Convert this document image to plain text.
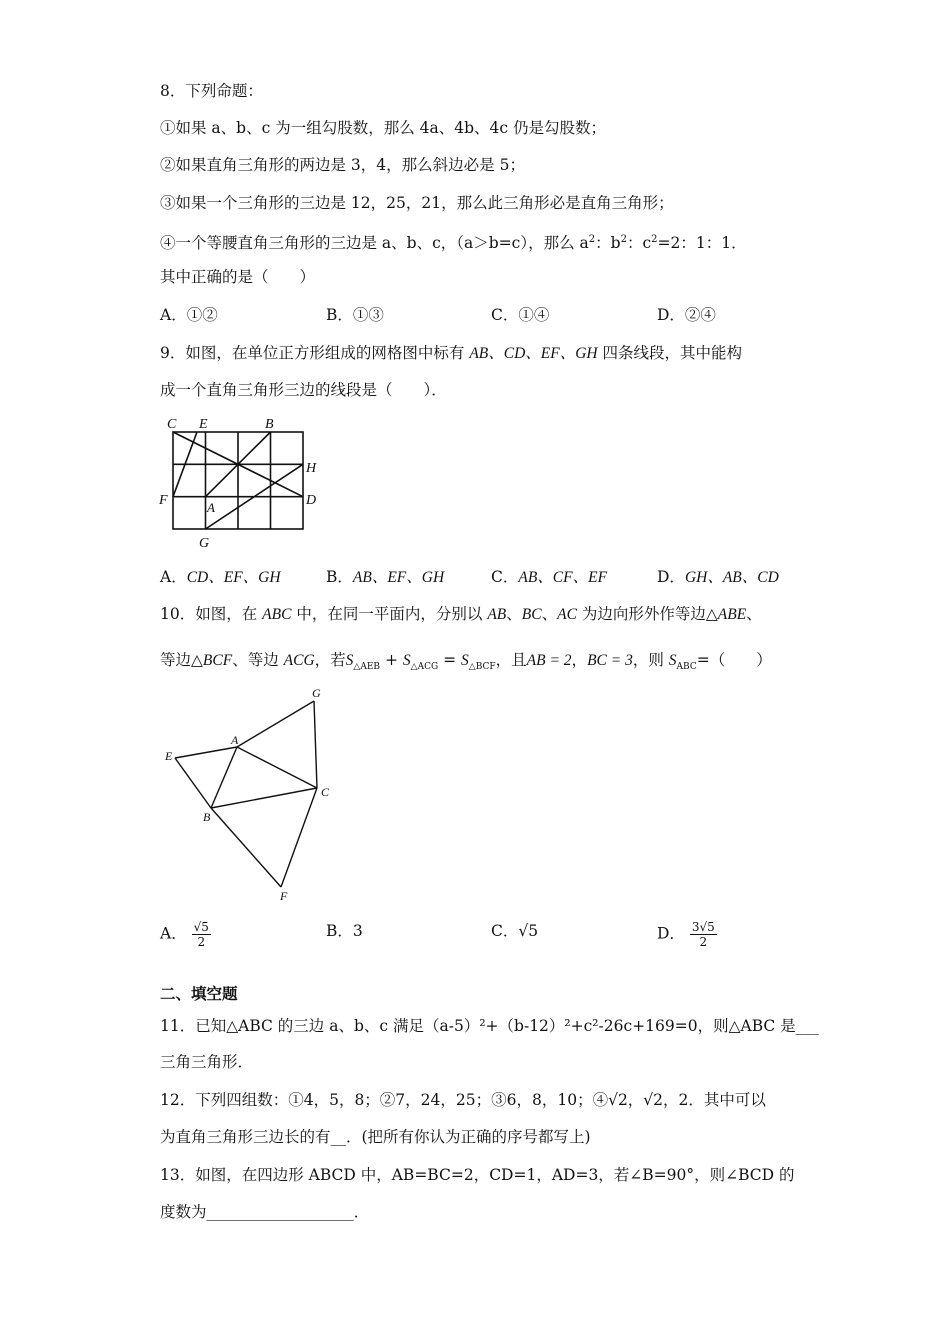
8．下列命题：
①如果 a、b、c 为一组勾股数，那么 4a、4b、4c 仍是勾股数；
②如果直角三角形的两边是 3，4，那么斜边必是 5；
③如果一个三角形的三边是 12，25，21，那么此三角形必是直角三角形；
④一个等腰直角三角形的三边是 a、b、c，（a＞b=c），那么 $a^2$：$b^2$：$c^2=2$：1：1．
其中正确的是（　　）
A．①②	B．①③	C．①④	D．②④
9．如图，在单位正方形组成的网格图中标有 AB、CD、EF、GH 四条线段，其中能构
成一个直角三角形三边的线段是（　　）．
C E	B
H
F	A	D
G
A．CD、EF、GH	B．AB、EF、GH	C．AB、CF、EF	D．GH、AB、CD
10．如图，在 ABC 中，在同一平面内，分别以 AB、BC、AC 为边向形外作等边△ABE、
等边△BCF、等边 ACG，若$S_{\triangle AEB} + S_{\triangle ACG} = S_{\triangle BCF}$，且AB = 2，BC = 3，则 $S_{ABC}=$（　　）
G
A
E
C
B
F
A． $\frac{√5}{2}$	B．3	C．√5	D． $\frac{3√5}{2}$
二、填空题
11．已知△ABC 的三边 a、b、c 满足（a-5）²+（b-12）²+c²-26c+169=0，则△ABC 是___
三角三角形．
12．下列四组数：①4，5，8；②7，24，25；③6，8，10；④√2，√2，2．其中可以
为直角三角形三边长的有__．(把所有你认为正确的序号都写上)
13．如图，在四边形 ABCD 中，AB=BC=2，CD=1，AD=3，若∠B=90°，则∠BCD 的
度数为___________________．
